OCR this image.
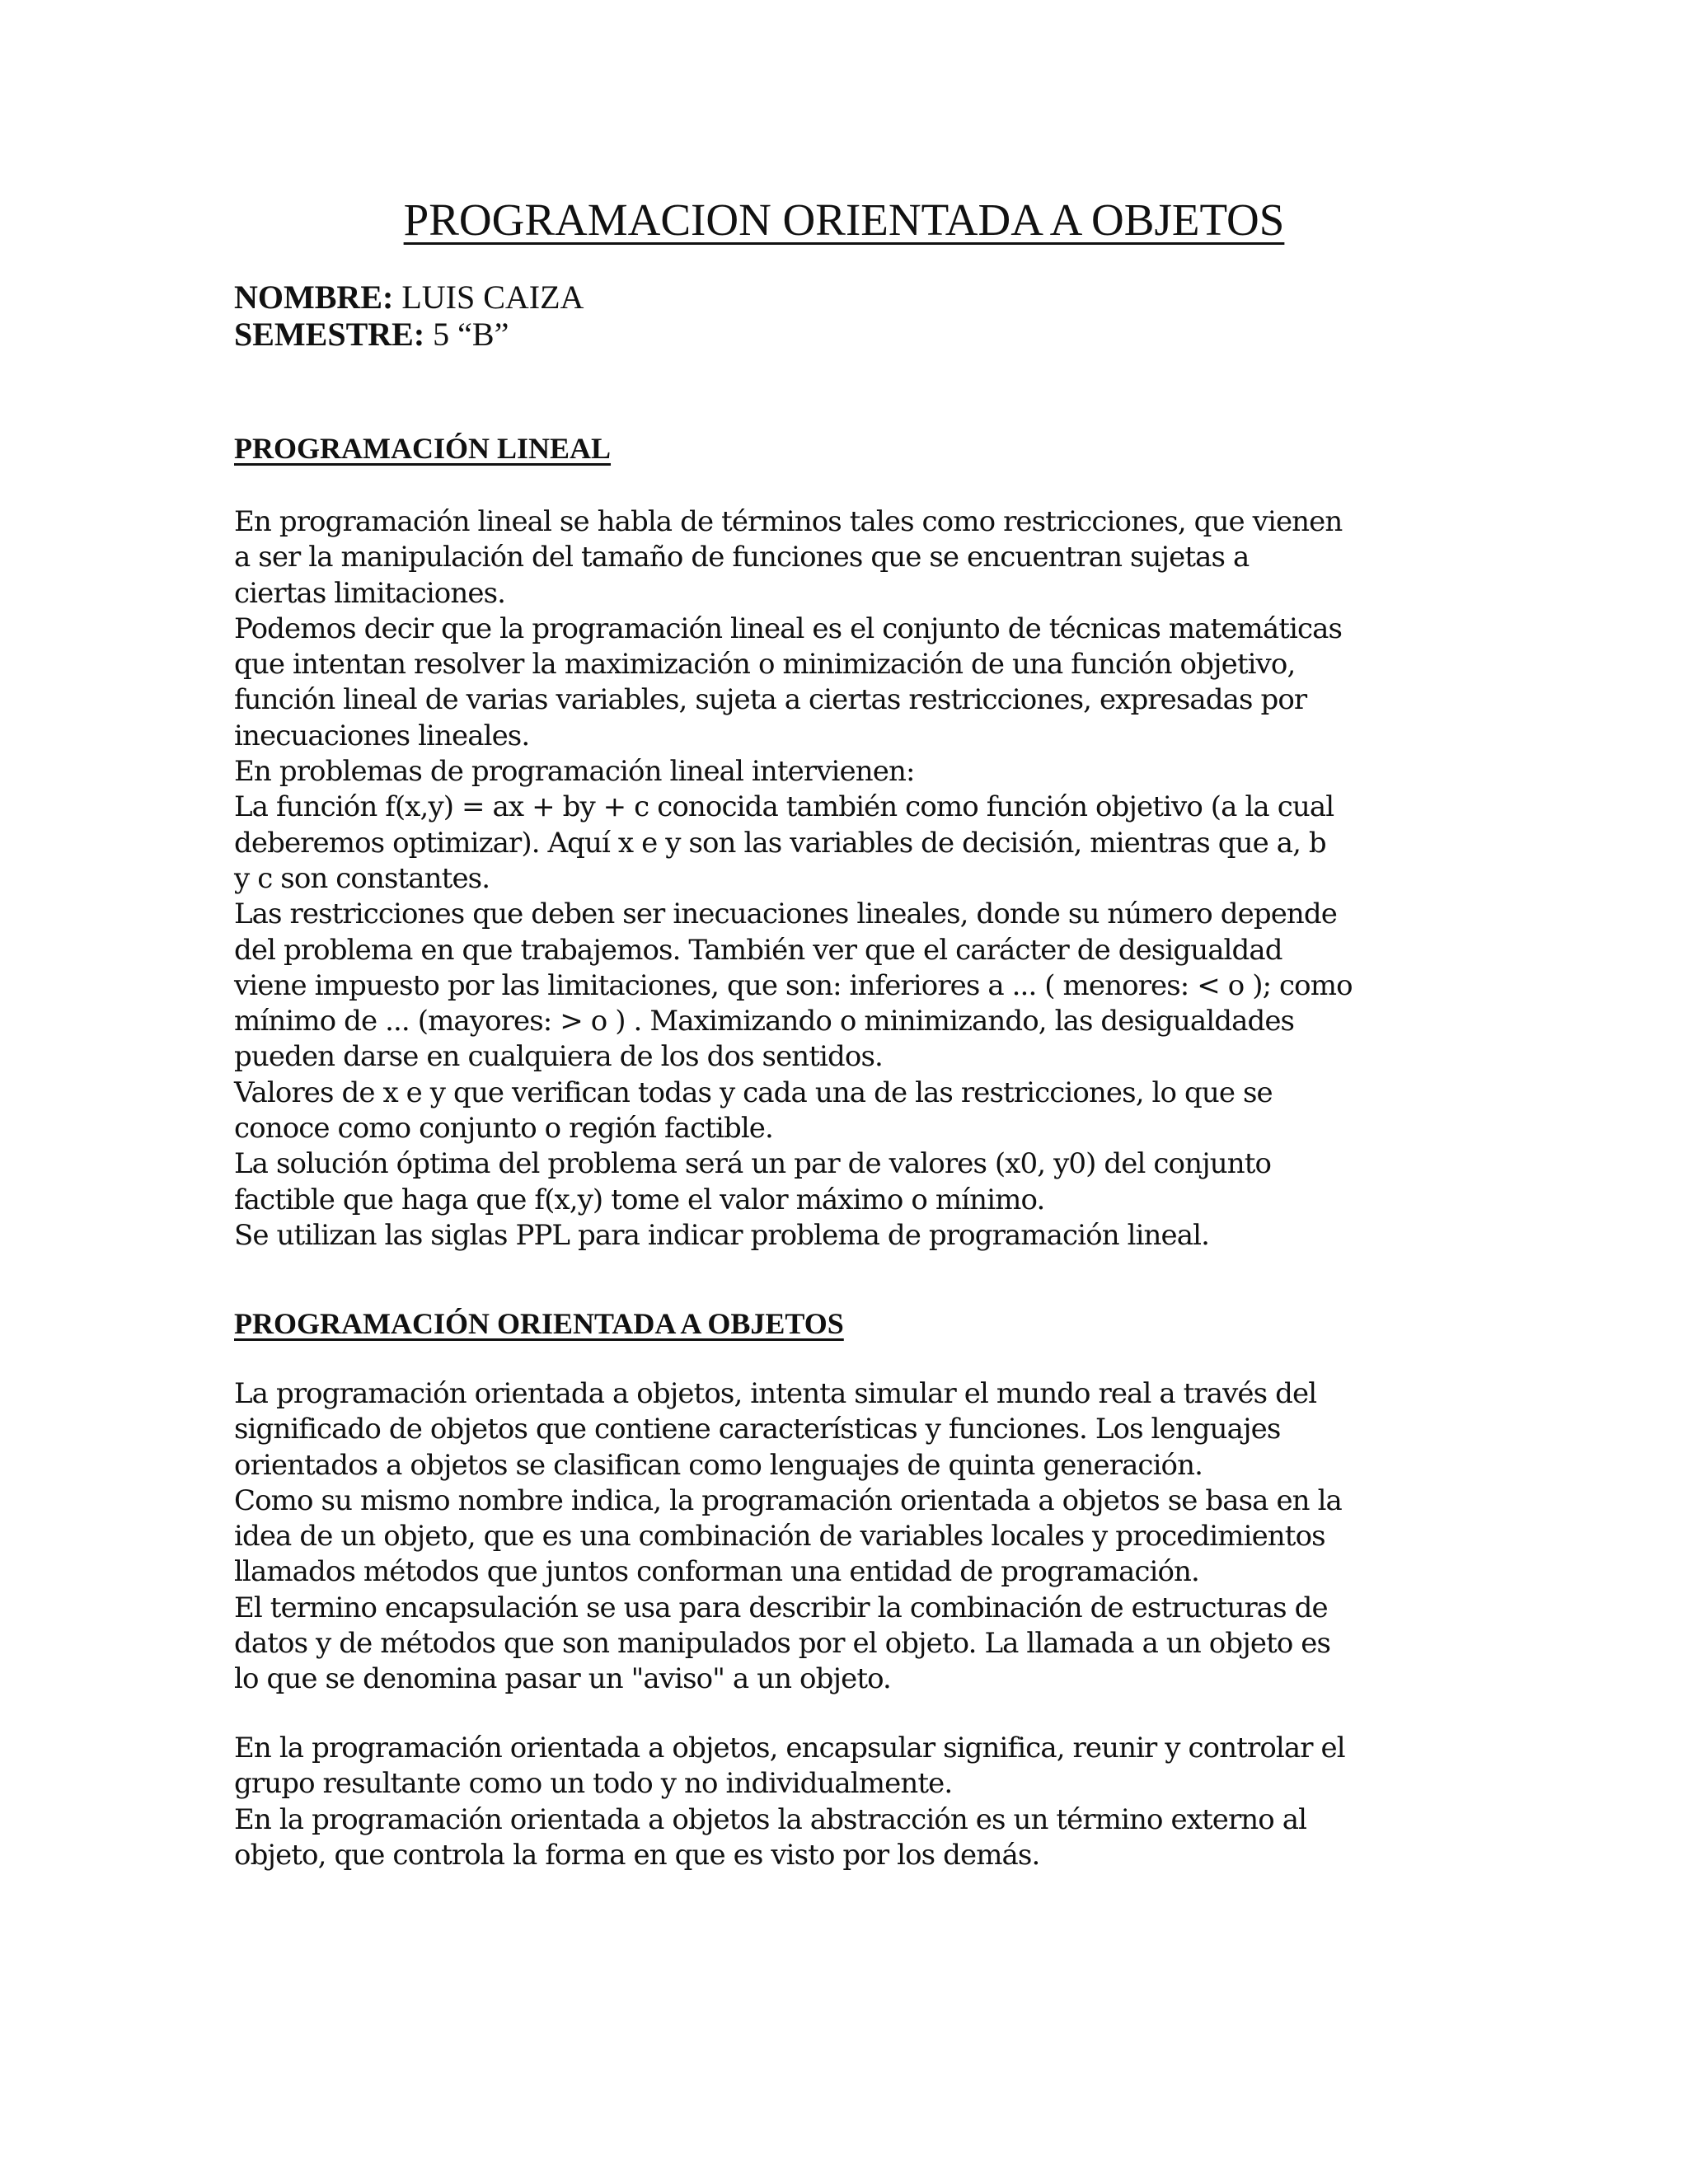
PROGRAMACION ORIENTADA A OBJETOS
NOMBRE: LUIS CAIZA
SEMESTRE: 5 “B”
PROGRAMACIÓN LINEAL
En programación lineal se habla de términos tales como restricciones, que vienen
a ser la manipulación del tamaño de funciones que se encuentran sujetas a
ciertas limitaciones.
Podemos decir que la programación lineal es el conjunto de técnicas matemáticas
que intentan resolver la maximización o minimización de una función objetivo,
función lineal de varias variables, sujeta a ciertas restricciones, expresadas por
inecuaciones lineales.
En problemas de programación lineal intervienen:
La función f(x,y) = ax + by + c conocida también como función objetivo (a la cual
deberemos optimizar). Aquí x e y son las variables de decisión, mientras que a, b
y c son constantes.
Las restricciones que deben ser inecuaciones lineales, donde su número depende
del problema en que trabajemos. También ver que el carácter de desigualdad
viene impuesto por las limitaciones, que son: inferiores a ... ( menores: < o ); como
mínimo de ... (mayores: > o ) . Maximizando o minimizando, las desigualdades
pueden darse en cualquiera de los dos sentidos.
Valores de x e y que verifican todas y cada una de las restricciones, lo que se
conoce como conjunto o región factible.
La solución óptima del problema será un par de valores (x0, y0) del conjunto
factible que haga que f(x,y) tome el valor máximo o mínimo.
Se utilizan las siglas PPL para indicar problema de programación lineal.
PROGRAMACIÓN ORIENTADA A OBJETOS
La programación orientada a objetos, intenta simular el mundo real a través del
significado de objetos que contiene características y funciones. Los lenguajes
orientados a objetos se clasifican como lenguajes de quinta generación.
Como su mismo nombre indica, la programación orientada a objetos se basa en la
idea de un objeto, que es una combinación de variables locales y procedimientos
llamados métodos que juntos conforman una entidad de programación.
El termino encapsulación se usa para describir la combinación de estructuras de
datos y de métodos que son manipulados por el objeto. La llamada a un objeto es
lo que se denomina pasar un "aviso" a un objeto.
En la programación orientada a objetos, encapsular significa, reunir y controlar el
grupo resultante como un todo y no individualmente.
En la programación orientada a objetos la abstracción es un término externo al
objeto, que controla la forma en que es visto por los demás.
